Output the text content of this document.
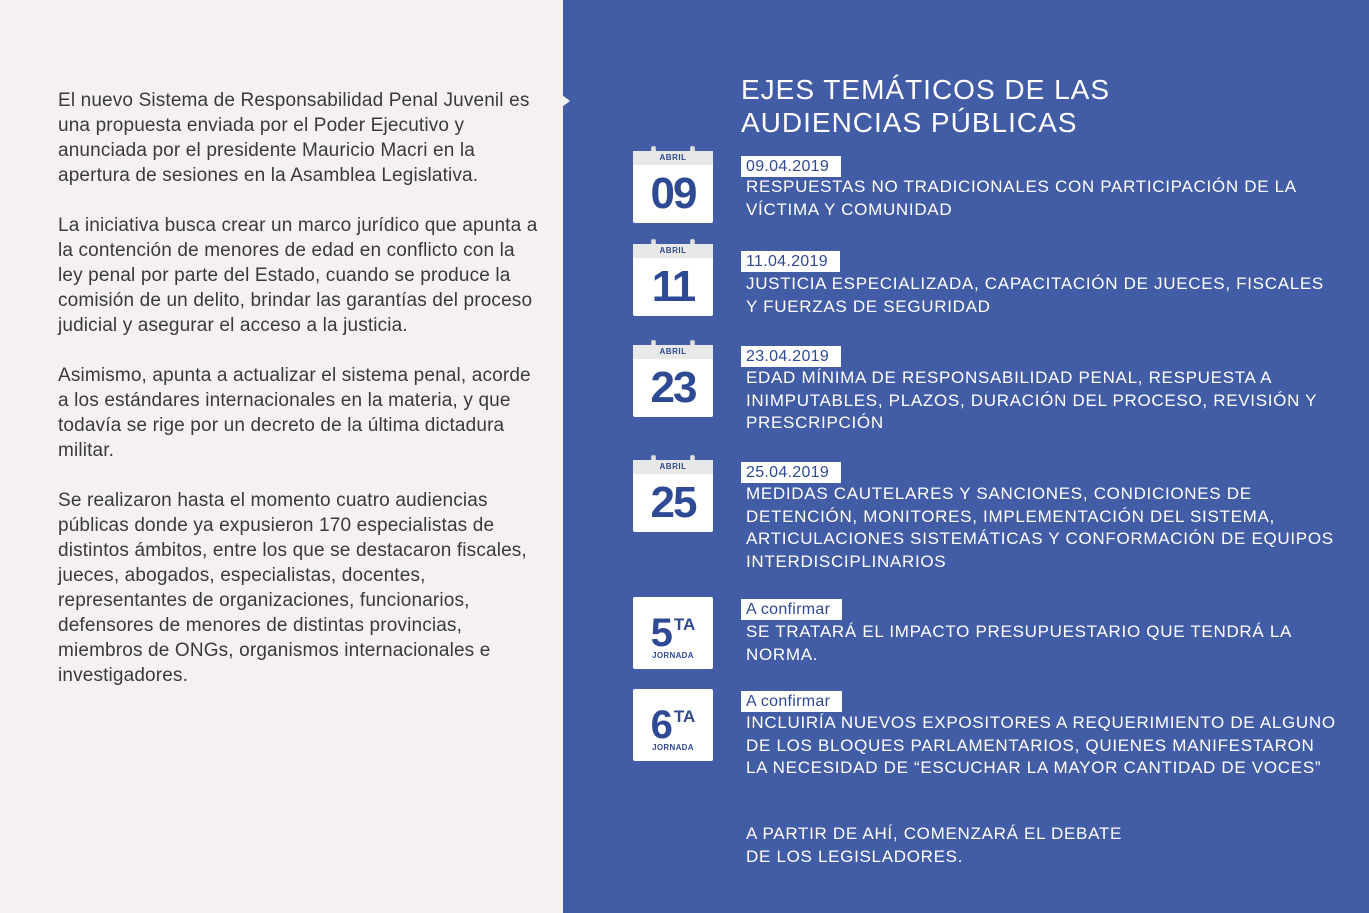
El nuevo Sistema de Responsabilidad Penal Juvenil es una propuesta enviada por el Poder Ejecutivo y anunciada por el presidente Mauricio Macri en la apertura de sesiones en la Asamblea Legislativa.

La iniciativa busca crear un marco jurídico que apunta a la contención de menores de edad en conflicto con la ley penal por parte del Estado, cuando se produce la comisión de un delito, brindar las garantías del proceso judicial y asegurar el acceso a la justicia.

Asimismo, apunta a actualizar el sistema penal, acorde a los estándares internacionales en la materia, y que todavía se rige por un decreto de la última dictadura militar.

Se realizaron hasta el momento cuatro audiencias públicas donde ya expusieron 170 especialistas de distintos ámbitos, entre los que se destacaron fiscales, jueces, abogados, especialistas, docentes, representantes de organizaciones, funcionarios, defensores de menores de distintas provincias, miembros de ONGs, organismos internacionales e investigadores.

EJES TEMÁTICOS DE LAS
AUDIENCIAS PÚBLICAS
ABRIL
09
09.04.2019
RESPUESTAS NO TRADICIONALES CON PARTICIPACIÓN DE LA VÍCTIMA Y COMUNIDAD
ABRIL
11
11.04.2019
JUSTICIA ESPECIALIZADA, CAPACITACIÓN DE JUECES, FISCALES Y FUERZAS DE SEGURIDAD
ABRIL
23
23.04.2019
EDAD MÍNIMA DE RESPONSABILIDAD PENAL, RESPUESTA A INIMPUTABLES, PLAZOS, DURACIÓN DEL PROCESO, REVISIÓN Y PRESCRIPCIÓN
ABRIL
25
25.04.2019
MEDIDAS CAUTELARES Y SANCIONES, CONDICIONES DE DETENCIÓN, MONITORES, IMPLEMENTACIÓN DEL SISTEMA, ARTICULACIONES SISTEMÁTICAS Y CONFORMACIÓN DE EQUIPOS INTERDISCIPLINARIOS
5TA
JORNADA
A confirmar
SE TRATARÁ EL IMPACTO PRESUPUESTARIO QUE TENDRÁ LA NORMA.
6TA
JORNADA
A confirmar
INCLUIRÍA NUEVOS EXPOSITORES A REQUERIMIENTO DE ALGUNO DE LOS BLOQUES PARLAMENTARIOS, QUIENES MANIFESTARON LA NECESIDAD DE “ESCUCHAR LA MAYOR CANTIDAD DE VOCES”
A PARTIR DE AHÍ, COMENZARÁ EL DEBATE
DE LOS LEGISLADORES.
